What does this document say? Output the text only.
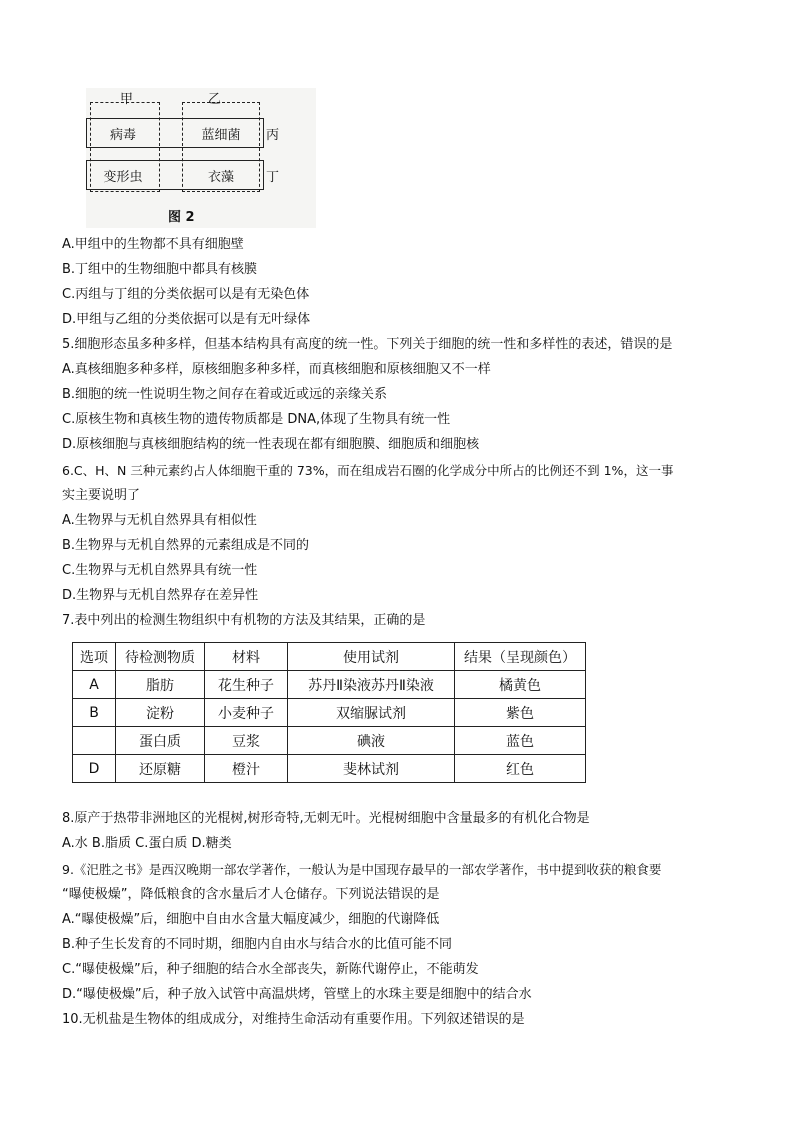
甲	乙
丙
丁
病毒	蓝细菌
变形虫	衣藻
图 2
A.甲组中的生物都不具有细胞壁
B.丁组中的生物细胞中都具有核膜
C.丙组与丁组的分类依据可以是有无染色体
D.甲组与乙组的分类依据可以是有无叶绿体
5.细胞形态虽多种多样，但基本结构具有高度的统一性。下列关于细胞的统一性和多样性的表述，错误的是
A.真核细胞多种多样，原核细胞多种多样，而真核细胞和原核细胞又不一样
B.细胞的统一性说明生物之间存在着或近或远的亲缘关系
C.原核生物和真核生物的遗传物质都是 DNA,体现了生物具有统一性
D.原核细胞与真核细胞结构的统一性表现在都有细胞膜、细胞质和细胞核
6.C、H、N 三种元素约占人体细胞干重的 73%，而在组成岩石圈的化学成分中所占的比例还不到 1%，这一事
实主要说明了
A.生物界与无机自然界具有相似性
B.生物界与无机自然界的元素组成是不同的
C.生物界与无机自然界具有统一性
D.生物界与无机自然界存在差异性
7.表中列出的检测生物组织中有机物的方法及其结果，正确的是
选项	待检测物质	材料	使用试剂	结果（呈现颜色）
A	脂肪	花生种子	苏丹Ⅱ染液苏丹Ⅱ染液	橘黄色
B	淀粉	小麦种子	双缩脲试剂	紫色
	蛋白质	豆浆	碘液	蓝色
D	还原糖	橙汁	斐林试剂	红色
8.原产于热带非洲地区的光棍树,树形奇特,无刺无叶。光棍树细胞中含量最多的有机化合物是
A.水 B.脂质 C.蛋白质 D.糖类
9.《汜胜之书》是西汉晚期一部农学著作，一般认为是中国现存最早的一部农学著作，书中提到收获的粮食要
“曝使极燥”，降低粮食的含水量后才人仓储存。下列说法错误的是
A.“曝使极燥”后，细胞中自由水含量大幅度减少，细胞的代谢降低
B.种子生长发育的不同时期，细胞内自由水与结合水的比值可能不同
C.“曝使极燥”后，种子细胞的结合水全部丧失，新陈代谢停止，不能萌发
D.“曝使极燥”后，种子放入试管中高温烘烤，管壁上的水珠主要是细胞中的结合水
10.无机盐是生物体的组成成分，对维持生命活动有重要作用。下列叙述错误的是
